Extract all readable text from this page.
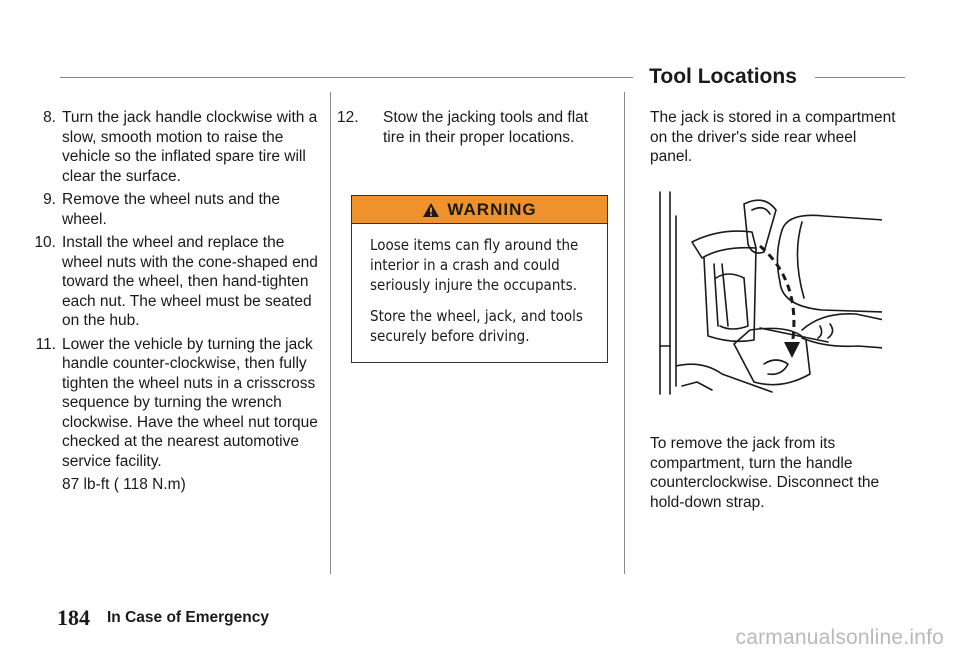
8. Turn the jack handle clockwise with a slow, smooth motion to raise the vehicle so the inflated spare tire will clear the surface.
9. Remove the wheel nuts and the wheel.
10. Install the wheel and replace the wheel nuts with the cone-shaped end toward the wheel, then hand-tighten each nut. The wheel must be seated on the hub.
11. Lower the vehicle by turning the jack handle counter-clockwise, then fully tighten the wheel nuts in a crisscross sequence by turning the wrench clockwise. Have the wheel nut torque checked at the nearest automotive service facility.
87 lb-ft ( 118 N.m)
12.	Stow the jacking tools and flat tire in their proper locations.
WARNING

Loose items can fly around the interior in a crash and could seriously injure the occupants.

Store the wheel, jack, and tools securely before driving.

Tool Locations
The jack is stored in a compartment on the driver's side rear wheel panel.
To remove the jack from its compartment, turn the handle counterclockwise. Disconnect the hold-down strap.
184 In Case of Emergency
carmanualsonline.info
